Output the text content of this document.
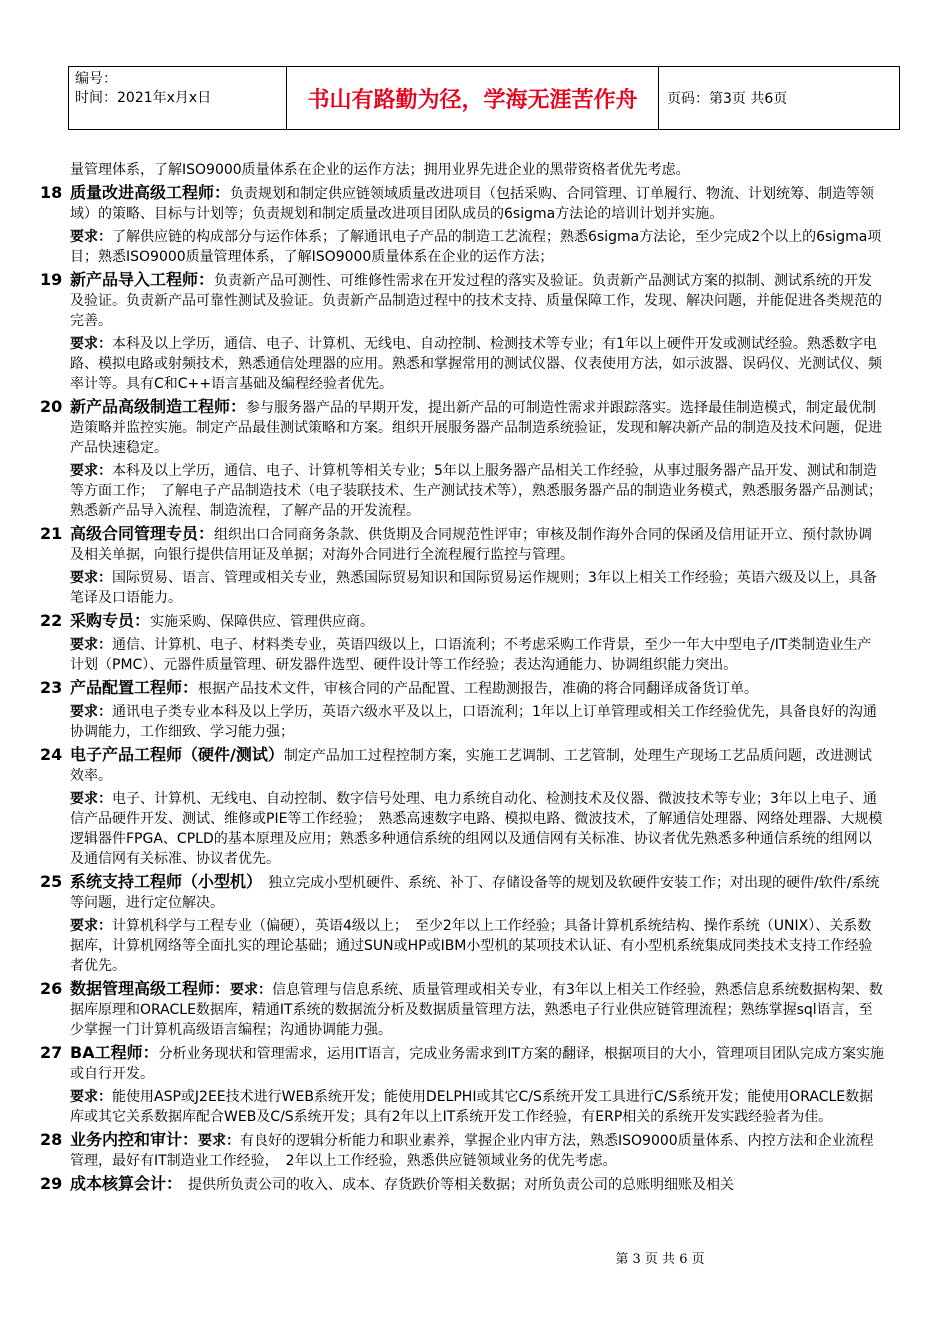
编号：
时间：2021年x月x日	书山有路勤为径，学海无涯苦作舟	页码：第3页 共6页

量管理体系，了解ISO9000质量体系在企业的运作方法；拥用业界先进企业的黑带资格者优先考虑。

18 质量改进高级工程师：负责规划和制定供应链领域质量改进项目（包括采购、合同管理、订单履行、物流、计划统筹、制造等领域）的策略、目标与计划等；负责规划和制定质量改进项目团队成员的6sigma方法论的培训计划并实施。

要求：了解供应链的构成部分与运作体系；了解通讯电子产品的制造工艺流程；熟悉6sigma方法论，至少完成2个以上的6sigma项目；熟悉ISO9000质量管理体系，了解ISO9000质量体系在企业的运作方法；

19 新产品导入工程师：负责新产品可测性、可维修性需求在开发过程的落实及验证。负责新产品测试方案的拟制、测试系统的开发及验证。负责新产品可靠性测试及验证。负责新产品制造过程中的技术支持、质量保障工作，发现、解决问题，并能促进各类规范的完善。

要求：本科及以上学历，通信、电子、计算机、无线电、自动控制、检测技术等专业；有1年以上硬件开发或测试经验。熟悉数字电路、模拟电路或射频技术，熟悉通信处理器的应用。熟悉和掌握常用的测试仪器、仪表使用方法，如示波器、误码仪、光测试仪、频率计等。具有C和C++语言基础及编程经验者优先。

20 新产品高级制造工程师：参与服务器产品的早期开发，提出新产品的可制造性需求并跟踪落实。选择最佳制造模式，制定最优制造策略并监控实施。制定产品最佳测试策略和方案。组织开展服务器产品制造系统验证，发现和解决新产品的制造及技术问题，促进产品快速稳定。

要求：本科及以上学历，通信、电子、计算机等相关专业；5年以上服务器产品相关工作经验，从事过服务器产品开发、测试和制造等方面工作；　了解电子产品制造技术（电子装联技术、生产测试技术等），熟悉服务器产品的制造业务模式，熟悉服务器产品测试；熟悉新产品导入流程、制造流程，了解产品的开发流程。

21 高级合同管理专员：组织出口合同商务条款、供货期及合同规范性评审；审核及制作海外合同的保函及信用证开立、预付款协调及相关单据，向银行提供信用证及单据；对海外合同进行全流程履行监控与管理。

要求：国际贸易、语言、管理或相关专业，熟悉国际贸易知识和国际贸易运作规则；3年以上相关工作经验；英语六级及以上，具备笔译及口语能力。

22 采购专员：实施采购、保障供应、管理供应商。

要求：通信、计算机、电子、材料类专业，英语四级以上，口语流利；不考虑采购工作背景，至少一年大中型电子/IT类制造业生产计划（PMC）、元器件质量管理、研发器件选型、硬件设计等工作经验；表达沟通能力、协调组织能力突出。

23 产品配置工程师：根据产品技术文件，审核合同的产品配置、工程勘测报告，准确的将合同翻译成备货订单。

要求：通讯电子类专业本科及以上学历，英语六级水平及以上，口语流利；1年以上订单管理或相关工作经验优先，具备良好的沟通协调能力，工作细致、学习能力强；

24 电子产品工程师（硬件/测试）制定产品加工过程控制方案，实施工艺调制、工艺管制，处理生产现场工艺品质问题，改进测试效率。

要求：电子、计算机、无线电、自动控制、数字信号处理、电力系统自动化、检测技术及仪器、微波技术等专业；3年以上电子、通信产品硬件开发、测试、维修或PIE等工作经验；　熟悉高速数字电路、模拟电路、微波技术，了解通信处理器、网络处理器、大规模逻辑器件FPGA、CPLD的基本原理及应用；熟悉多种通信系统的组网以及通信网有关标准、协议者优先熟悉多种通信系统的组网以及通信网有关标准、协议者优先。

25 系统支持工程师（小型机）　独立完成小型机硬件、系统、补丁、存储设备等的规划及软硬件安装工作；对出现的硬件/软件/系统等问题，进行定位解决。

要求：计算机科学与工程专业（偏硬），英语4级以上；　至少2年以上工作经验；具备计算机系统结构、操作系统（UNIX）、关系数据库，计算机网络等全面扎实的理论基础；通过SUN或HP或IBM小型机的某项技术认证、有小型机系统集成同类技术支持工作经验者优先。

26 数据管理高级工程师：要求：信息管理与信息系统、质量管理或相关专业，有3年以上相关工作经验，熟悉信息系统数据构架、数据库原理和ORACLE数据库，精通IT系统的数据流分析及数据质量管理方法，熟悉电子行业供应链管理流程；熟练掌握sql语言，至少掌握一门计算机高级语言编程；沟通协调能力强。

27 BA工程师：分析业务现状和管理需求，运用IT语言，完成业务需求到IT方案的翻译，根据项目的大小，管理项目团队完成方案实施或自行开发。

要求：能使用ASP或J2EE技术进行WEB系统开发；能使用DELPHI或其它C/S系统开发工具进行C/S系统开发；能使用ORACLE数据库或其它关系数据库配合WEB及C/S系统开发；具有2年以上IT系统开发工作经验，有ERP相关的系统开发实践经验者为佳。

28 业务内控和审计：要求：有良好的逻辑分析能力和职业素养，掌握企业内审方法，熟悉ISO9000质量体系、内控方法和企业流程管理，最好有IT制造业工作经验，　2年以上工作经验，熟悉供应链领域业务的优先考虑。

29 成本核算会计：　提供所负责公司的收入、成本、存货跌价等相关数据；对所负责公司的总账明细账及相关

第 3 页 共 6 页
